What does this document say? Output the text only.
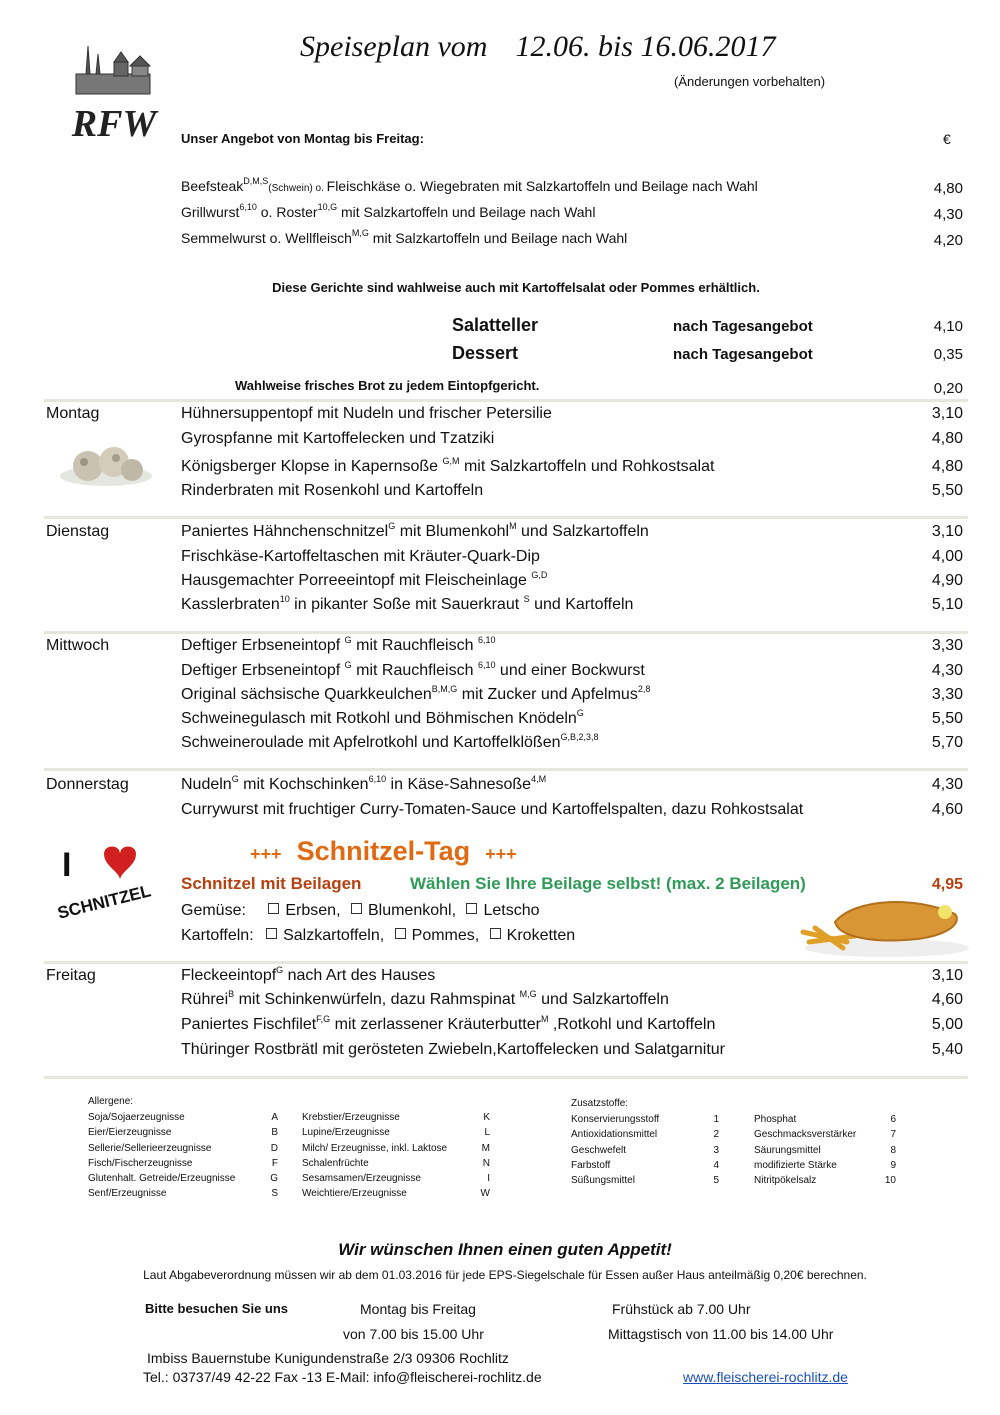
RFW
Speiseplan vom 12.06. bis 16.06.2017
(Änderungen vorbehalten)
Unser Angebot von Montag bis Freitag:	€
Beefsteak$^{D,M,S}$(Schwein) o. Fleischkäse o. Wiegebraten mit Salzkartoffeln und Beilage nach Wahl	4,80
Grillwurst$^{6,10}$ o. Roster$^{10,G}$ mit Salzkartoffeln und Beilage nach Wahl	4,30
Semmelwurst o. Wellfleisch$^{M,G}$ mit Salzkartoffeln und Beilage nach Wahl	4,20
Diese Gerichte sind wahlweise auch mit Kartoffelsalat oder Pommes erhältlich.
Salatteller	nach Tagesangebot	4,10
Dessert	nach Tagesangebot	0,35
Wahlweise frisches Brot zu jedem Eintopfgericht.	0,20
Montag	Hühnersuppentopf mit Nudeln und frischer Petersilie	3,10
Gyrospfanne mit Kartoffelecken und Tzatziki	4,80
Königsberger Klopse in Kapernsoße $^{G,M}$ mit Salzkartoffeln und Rohkostsalat	4,80
Rinderbraten mit Rosenkohl und Kartoffeln	5,50
Dienstag	Paniertes Hähnchenschnitzel$^G$ mit Blumenkohl$^M$ und Salzkartoffeln	3,10
Frischkäse-Kartoffeltaschen mit Kräuter-Quark-Dip	4,00
Hausgemachter Porreeeintopf mit Fleischeinlage $^{G,D}$	4,90
Kasslerbraten$^{10}$ in pikanter Soße mit Sauerkraut $^S$ und Kartoffeln	5,10
Mittwoch	Deftiger Erbseneintopf $^G$ mit Rauchfleisch $^{6,10}$	3,30
Deftiger Erbseneintopf $^G$ mit Rauchfleisch $^{6,10}$ und einer Bockwurst	4,30
Original sächsische Quarkkeulchen$^{B,M,G}$ mit Zucker und Apfelmus$^{2,8}$	3,30
Schweinegulasch mit Rotkohl und Böhmischen Knödeln$^G$	5,50
Schweineroulade mit Apfelrotkohl und Kartoffelklößen$^{G,B,2,3,8}$	5,70
Donnerstag	Nudeln$^G$ mit Kochschinken$^{6,10}$ in Käse-Sahnesoße$^{4,M}$	4,30
Currywurst mit fruchtiger Curry-Tomaten-Sauce und Kartoffelspalten, dazu Rohkostsalat	4,60
I
SCHNITZEL
+++ Schnitzel-Tag +++
Schnitzel mit Beilagen	Wählen Sie Ihre Beilage selbst! (max. 2 Beilagen)	4,95
Gemüse: Erbsen, Blumenkohl, Letscho
Kartoffeln: Salzkartoffeln, Pommes, Kroketten
Freitag	Fleckeeintopf$^G$ nach Art des Hauses	3,10
Rührei$^B$ mit Schinkenwürfeln, dazu Rahmspinat $^{M,G}$ und Salzkartoffeln	4,60
Paniertes Fischfilet$^{F,G}$ mit zerlassener Kräuterbutter$^M$ ,Rotkohl und Kartoffeln	5,00
Thüringer Rostbrätl mit gerösteten Zwiebeln,Kartoffelecken und Salatgarnitur	5,40
Allergene:
Soja/Sojaerzeugnisse	A
Eier/Eierzeugnisse	B
Sellerie/Sellerieerzeugnisse	D
Fisch/Fischerzeugnisse	F
Glutenhalt. Getreide/Erzeugnisse	G
Senf/Erzeugnisse	S
Krebstier/Erzeugnisse	K
Lupine/Erzeugnisse	L
Milch/ Erzeugnisse, inkl. Laktose	M
Schalenfrüchte	N
Sesamsamen/Erzeugnisse	I
Weichtiere/Erzeugnisse	W
Zusatzstoffe:
Konservierungsstoff	1
Antioxidationsmittel	2
Geschwefelt	3
Farbstoff	4
Süßungsmittel	5
Phosphat	6
Geschmacksverstärker	7
Säurungsmittel	8
modifizierte Stärke	9
Nitritpökelsalz	10
Wir wünschen Ihnen einen guten Appetit!
Laut Abgabeverordnung müssen wir ab dem 01.03.2016 für jede EPS-Siegelschale für Essen außer Haus anteilmäßig 0,20€ berechnen.
Bitte besuchen Sie uns	Montag bis Freitag
von 7.00 bis 15.00 Uhr
Frühstück ab 7.00 Uhr
Mittagstisch von 11.00 bis 14.00 Uhr
Imbiss Bauernstube Kunigundenstraße 2/3 09306 Rochlitz
Tel.: 03737/49 42-22 Fax -13 E-Mail: info@fleischerei-rochlitz.de	www.fleischerei-rochlitz.de
